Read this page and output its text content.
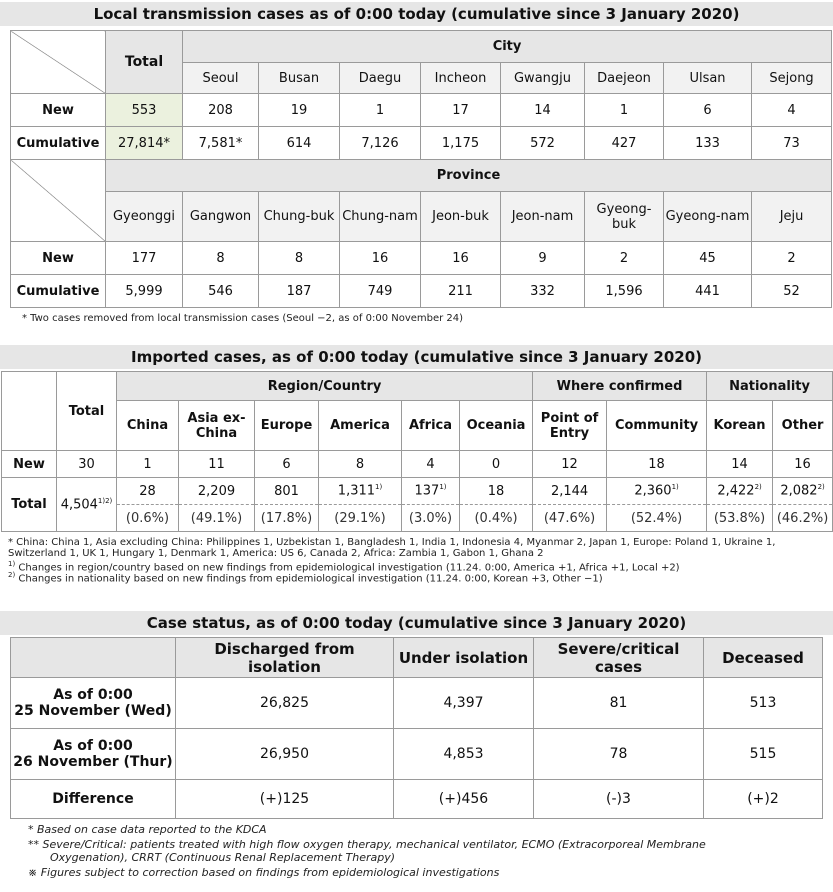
Local transmission cases as of 0:00 today (cumulative since 3 January 2020)
	Total	City							
		Seoul	Busan	Daegu	Incheon	Gwangju	Daejeon	Ulsan	Sejong
New	553	208	19	1	17	14	1	6	4
Cumulative	27,814*	7,581*	614	7,126	1,175	572	427	133	73
	Province								
	Gyeonggi	Gangwon	Chung-buk	Chung-nam	Jeon-buk	Jeon-nam	Gyeong-buk	Gyeong-nam	Jeju
New	177	8	8	16	16	9	2	45	2
Cumulative	5,999	546	187	749	211	332	1,596	441	52
* Two cases removed from local transmission cases (Seoul −2, as of 0:00 November 24)
Imported cases, as of 0:00 today (cumulative since 3 January 2020)
	Total	Region/Country						Where confirmed		Nationality	
		China	Asia ex-China	Europe	America	Africa	Oceania	Point of Entry	Community	Korean	Other
New	30	1	11	6	8	4	0	12	18	14	16
Total	$4,504^{1)2)}$	28	2,209	801	1,311$^{1)}$	137$^{1)}$	18	2,144	2,360$^{1)}$	2,422$^{2)}$	2,082$^{2)}$
		(0.6%)	(49.1%)	(17.8%)	(29.1%)	(3.0%)	(0.4%)	(47.6%)	(52.4%)	(53.8%)	(46.2%)
* China: China 1, Asia excluding China: Philippines 1, Uzbekistan 1, Bangladesh 1, India 1, Indonesia 4, Myanmar 2, Japan 1, Europe: Poland 1, Ukraine 1, Switzerland 1, UK 1, Hungary 1, Denmark 1, America: US 6, Canada 2, Africa: Zambia 1, Gabon 1, Ghana 2
$^{1)}$ Changes in region/country based on new findings from epidemiological investigation (11.24. 0:00, America +1, Africa +1, Local +2)
$^{2)}$ Changes in nationality based on new findings from epidemiological investigation (11.24. 0:00, Korean +3, Other −1)
Case status, as of 0:00 today (cumulative since 3 January 2020)
	Discharged from isolation	Under isolation	Severe/critical cases	Deceased

As of 0:00
25 November (Wed)	26,825	4,397	81	513

As of 0:00
26 November (Thur)	26,950	4,853	78	515
Difference	(+)125	(+)456	(-)3	(+)2
* Based on case data reported to the KDCA
** Severe/Critical: patients treated with high flow oxygen therapy, mechanical ventilator, ECMO (Extracorporeal Membrane
Oxygenation), CRRT (Continuous Renal Replacement Therapy)
※ Figures subject to correction based on findings from epidemiological investigations
